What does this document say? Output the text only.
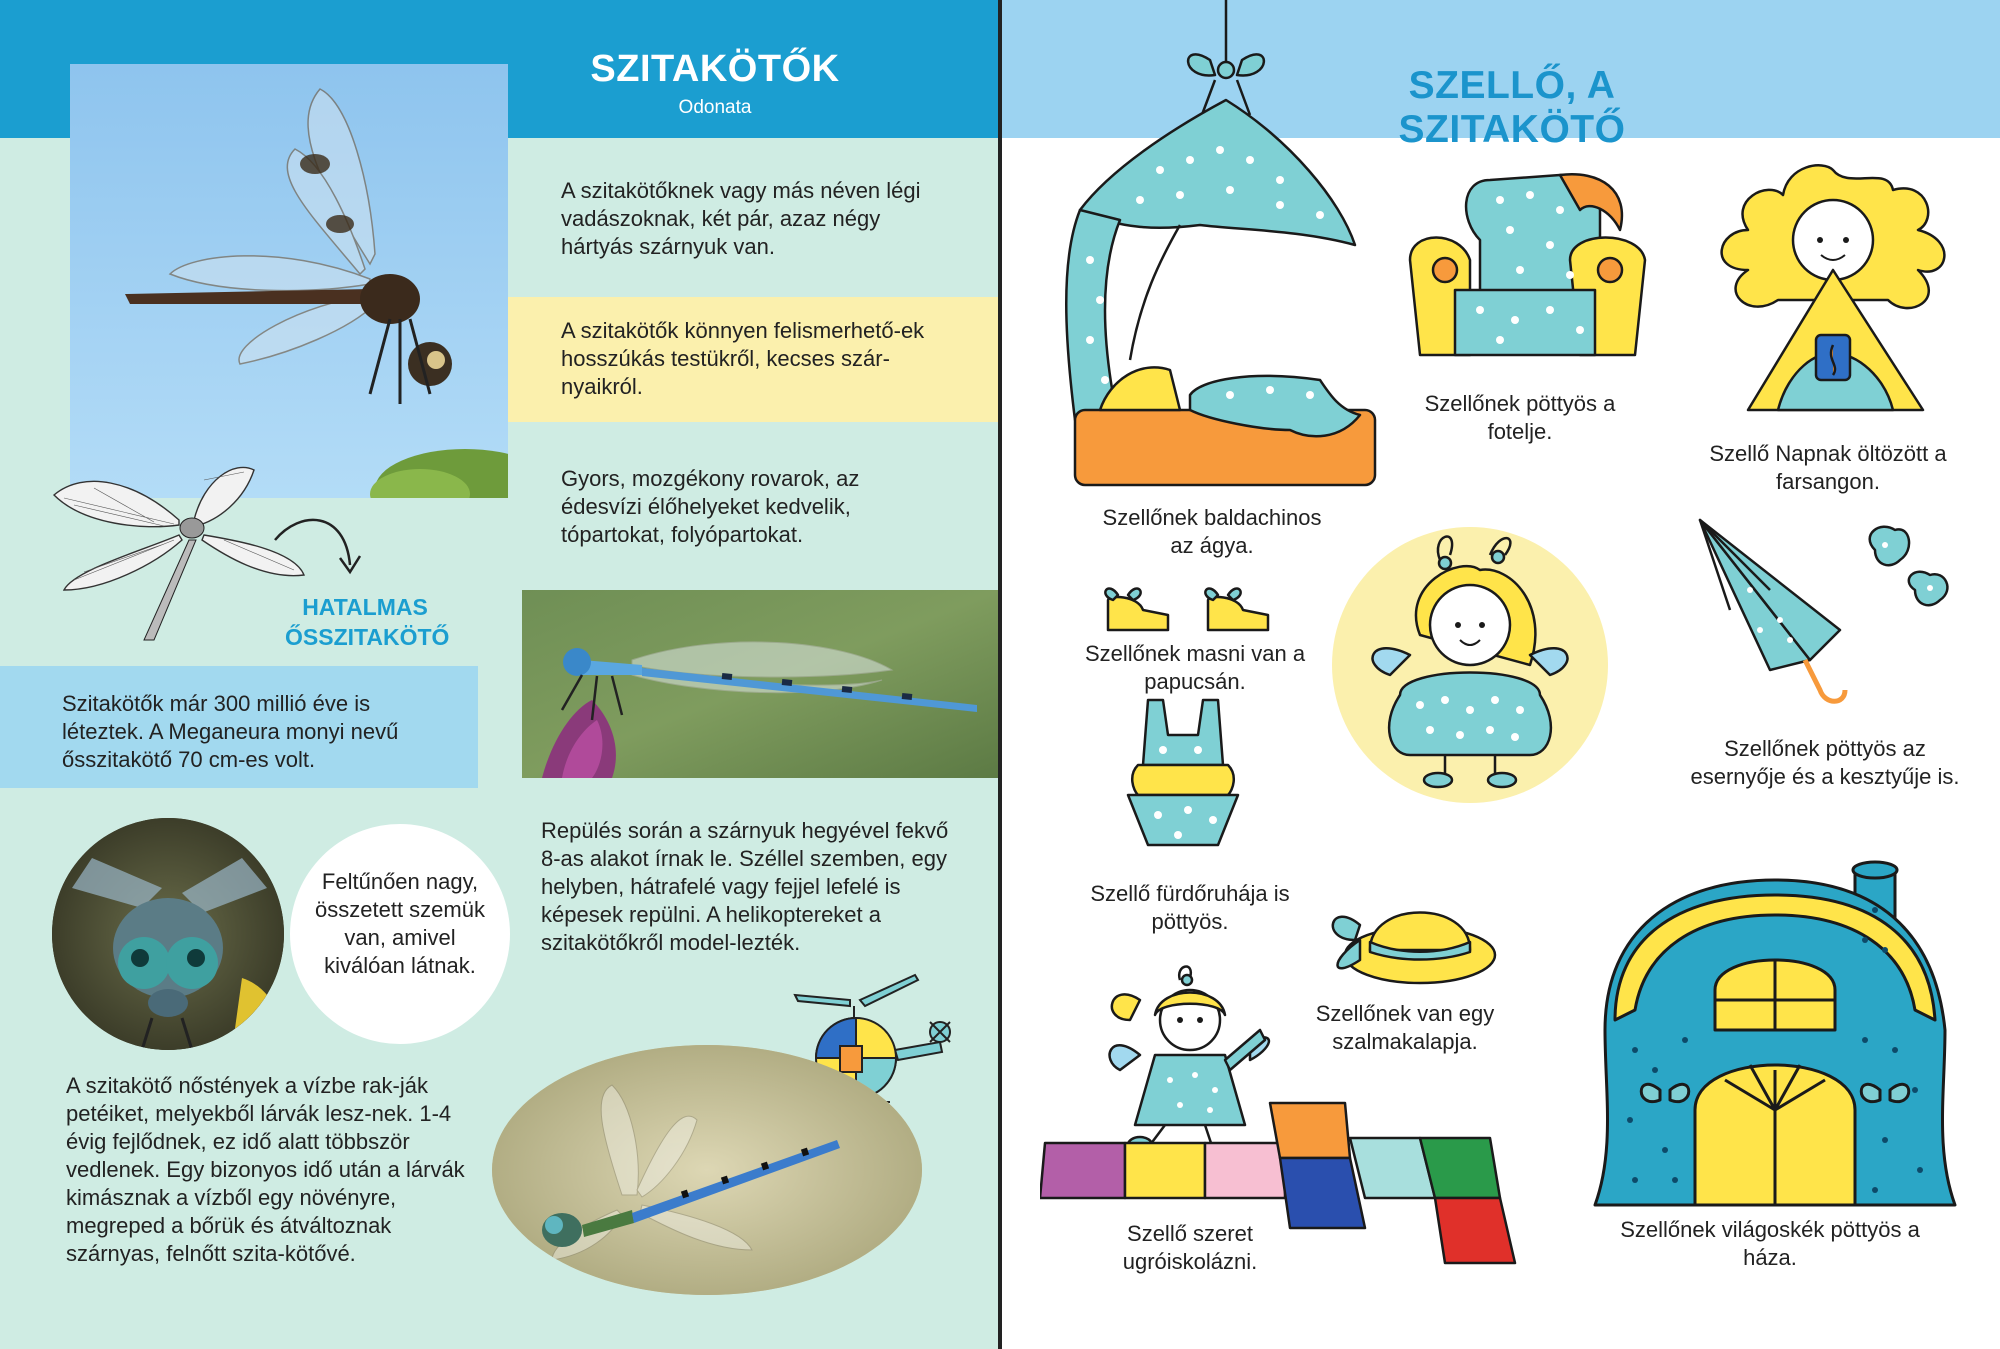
SZITAKÖTŐK
Odonata
A szitakötőknek vagy más néven légi vadászoknak, két pár, azaz négy hártyás szárnyuk van.
A szitakötők könnyen felismerhető-ek hosszúkás testükről, kecses szár-nyaikról.
Gyors, mozgékony rovarok, az édesvízi élőhelyeket kedvelik, tópartokat, folyópartokat.
HATALMAS ŐSSZITAKÖTŐ
Szitakötők már 300 millió éve is léteztek. A Meganeura monyi nevű ősszitakötő 70 cm-es volt.
Feltűnően nagy, összetett szemük van, amivel kiválóan látnak.
Repülés során a szárnyuk hegyével fekvő 8-as alakot írnak le. Széllel szemben, egy helyben, hátrafelé vagy fejjel lefelé is képesek repülni. A helikoptereket a szitakötőkről model-lezték.
A szitakötő nőstények a vízbe rak-ják petéiket, melyekből lárvák lesz-nek. 1-4 évig fejlődnek, ez idő alatt többször vedlenek. Egy bizonyos idő után a lárvák kimásznak a vízből egy növényre, megreped a bőrük és átváltoznak szárnyas, felnőtt szita-kötővé.
SZELLŐ, A SZITAKÖTŐ
Szellőnek baldachinos az ágya.
Szellőnek pöttyös a fotelje.
Szellő Napnak öltözött a farsangon.
Szellőnek masni van a papucsán.
Szellőnek pöttyös az esernyője és a kesztyűje is.
Szellő fürdőruhája is pöttyös.
Szellőnek van egy szalmakalapja.
Szellő szeret ugróiskolázni.
Szellőnek világoskék pöttyös a háza.
